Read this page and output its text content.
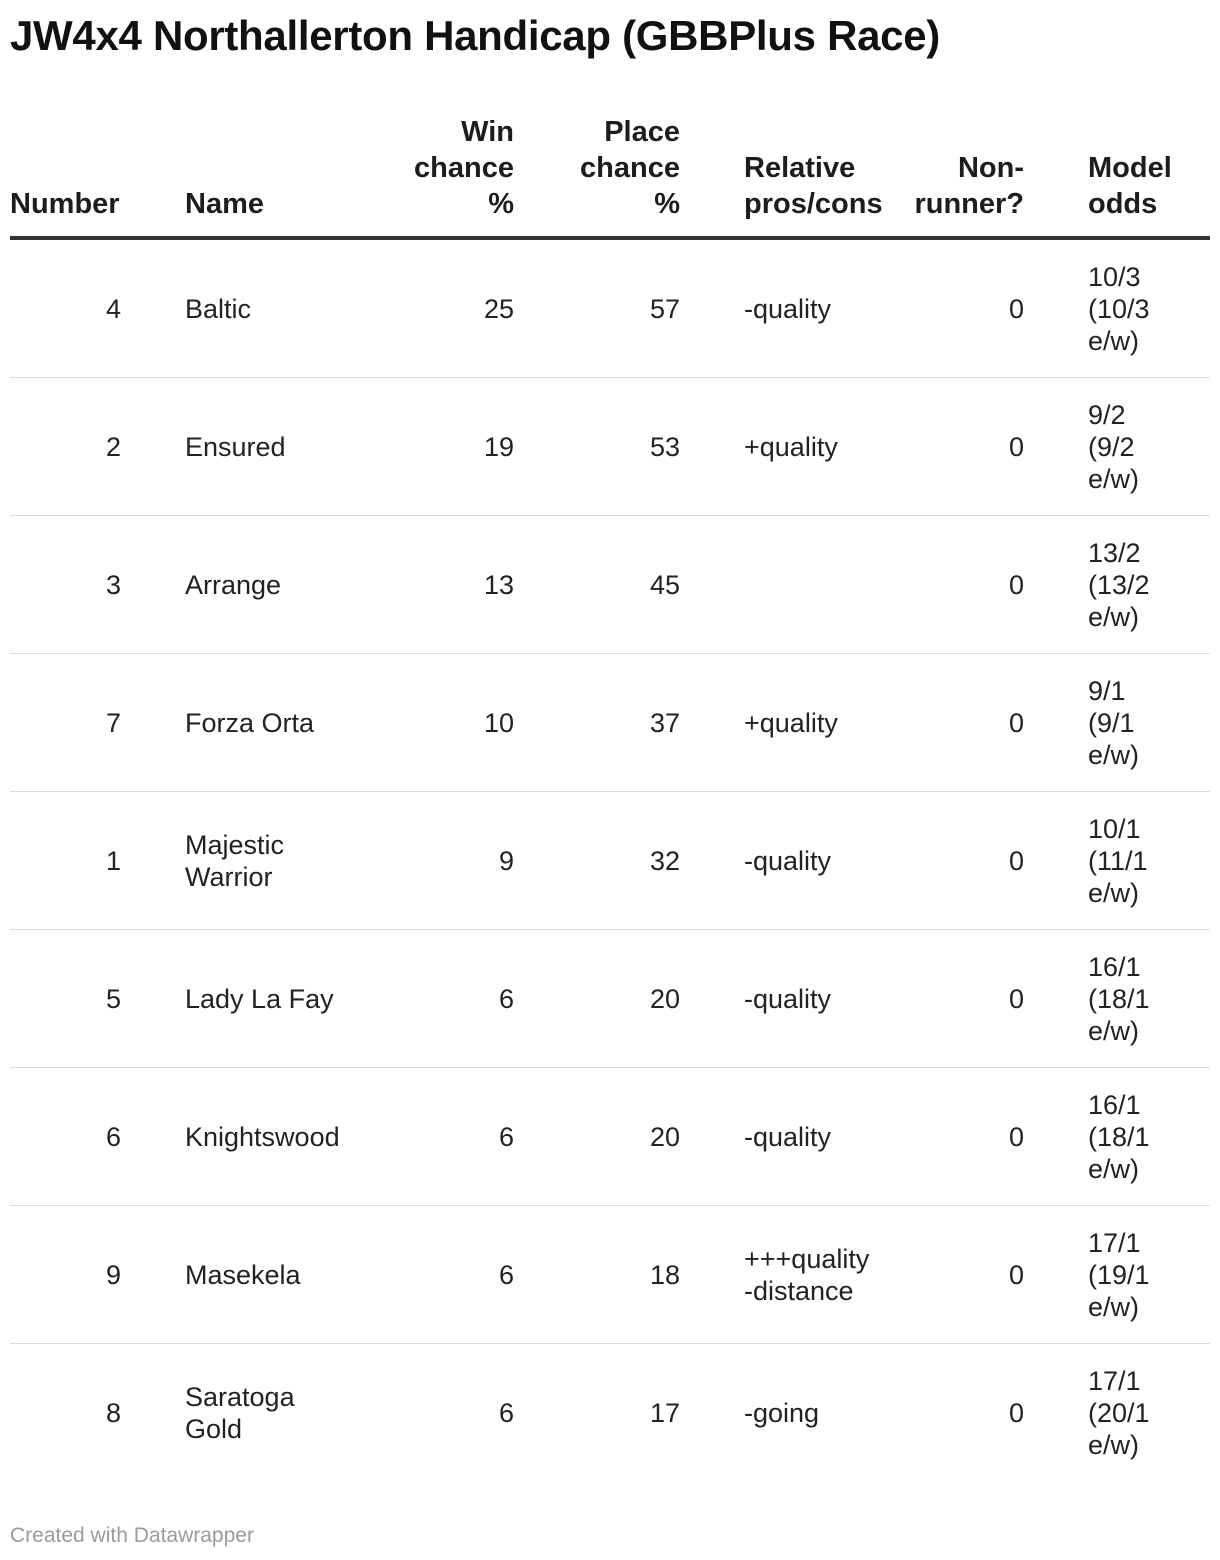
JW4x4 Northallerton Handicap (GBBPlus Race)
Number	Name	Win
chance
%	Place
chance
%	Relative
pros/cons	Non-
runner?	Model
odds
4	Baltic	25	57	-quality	0	10/3
(10/3
e/w)
2	Ensured	19	53	+quality	0	9/2
(9/2
e/w)
3	Arrange	13	45		0	13/2
(13/2
e/w)
7	Forza Orta	10	37	+quality	0	9/1
(9/1
e/w)
1	Majestic
Warrior	9	32	-quality	0	10/1
(11/1
e/w)
5	Lady La Fay	6	20	-quality	0	16/1
(18/1
e/w)
6	Knightswood	6	20	-quality	0	16/1
(18/1
e/w)
9	Masekela	6	18	+++quality
-distance	0	17/1
(19/1
e/w)
8	Saratoga
Gold	6	17	-going	0	17/1
(20/1
e/w)
Created with Datawrapper
